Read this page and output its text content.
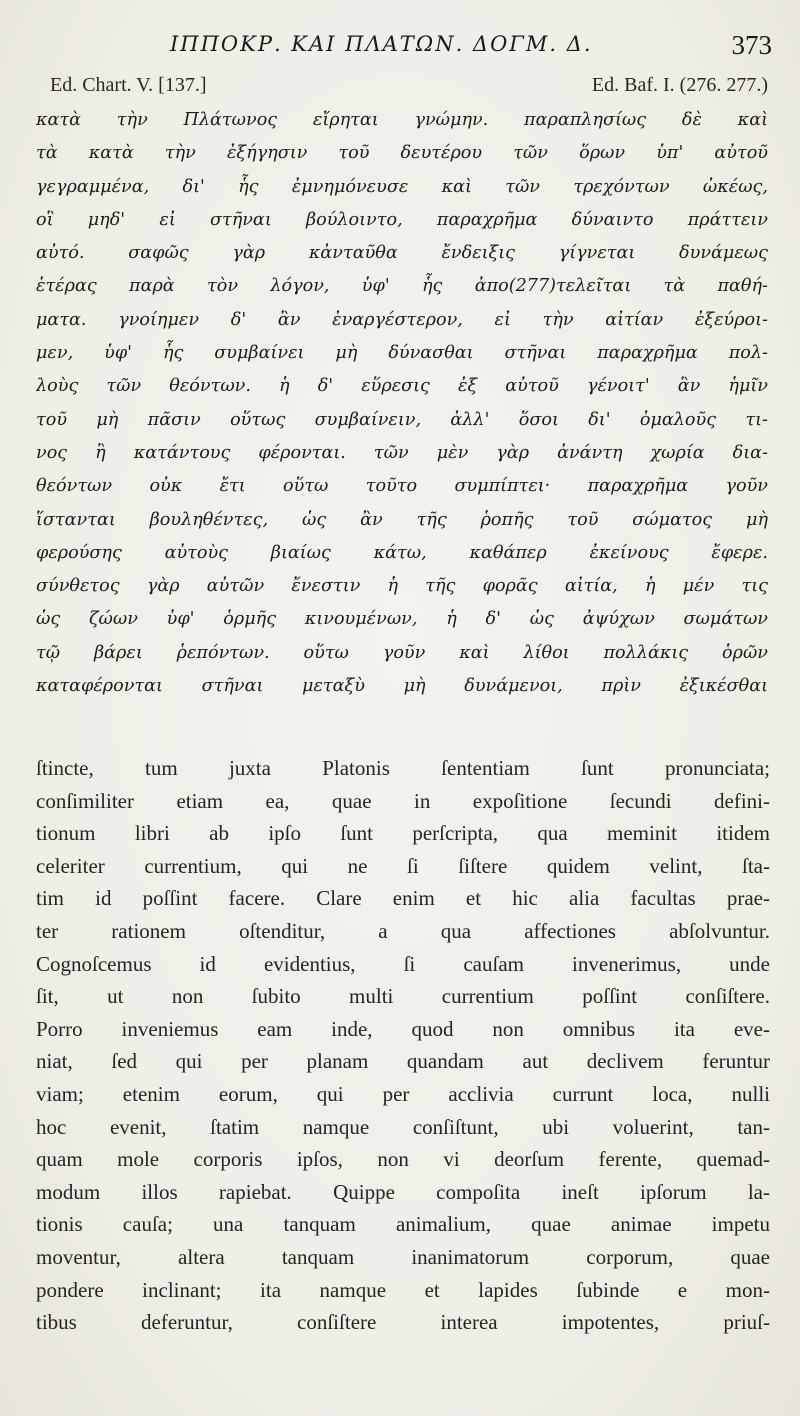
ΙΠΠΟΚΡ. ΚΑΙ ΠΛΑΤΩΝ. ΔΟΓΜ. Δ.	373
Ed. Chart. V. [137.]	Ed. Baf. I. (276. 277.)
κατὰ τὴν Πλάτωνος εἴρηται γνώμην. παραπλησίως δὲ καὶ
τὰ κατὰ τὴν ἐξήγησιν τοῦ δευτέρου τῶν ὅρων ὑπ' αὐτοῦ
γεγραμμένα, δι' ἧς ἐμνημόνευσε καὶ τῶν τρεχόντων ὠκέως,
οἳ μηδ' εἰ στῆναι βούλοιντο, παραχρῆμα δύναιντο πράττειν
αὐτό. σαφῶς γὰρ κἀνταῦθα ἔνδειξις γίγνεται δυνάμεως
ἑτέρας παρὰ τὸν λόγον, ὑφ' ἧς ἀπο(277)τελεῖται τὰ παθή-
ματα. γνοίημεν δ' ἂν ἐναργέστερον, εἰ τὴν αἰτίαν ἐξεύροι-
μεν, ὑφ' ἧς συμβαίνει μὴ δύνασθαι στῆναι παραχρῆμα πολ-
λοὺς τῶν θεόντων. ἡ δ' εὕρεσις ἐξ αὐτοῦ γένοιτ' ἂν ἡμῖν
τοῦ μὴ πᾶσιν οὕτως συμβαίνειν, ἀλλ' ὅσοι δι' ὁμαλοῦς τι-
νος ἢ κατάντους φέρονται. τῶν μὲν γὰρ ἀνάντη χωρία δια-
θεόντων οὐκ ἔτι οὕτω τοῦτο συμπίπτει· παραχρῆμα γοῦν
ἵστανται βουληθέντες, ὡς ἂν τῆς ῥοπῆς τοῦ σώματος μὴ
φερούσης αὐτοὺς βιαίως κάτω, καθάπερ ἐκείνους ἔφερε.
σύνθετος γὰρ αὐτῶν ἔνεστιν ἡ τῆς φορᾶς αἰτία, ἡ μέν τις
ὡς ζώων ὑφ' ὁρμῆς κινουμένων, ἡ δ' ὡς ἀψύχων σωμάτων
τῷ βάρει ῥεπόντων. οὕτω γοῦν καὶ λίθοι πολλάκις ὁρῶν
καταφέρονται στῆναι μεταξὺ μὴ δυνάμενοι, πρὶν ἐξικέσθαι
ſtincte, tum juxta Platonis ſententiam ſunt pronunciata;
conſimiliter etiam ea, quae in expoſitione ſecundi defini-
tionum libri ab ipſo ſunt perſcripta, qua meminit itidem
celeriter currentium, qui ne ſi ſiſtere quidem velint, ſta-
tim id poſſint facere. Clare enim et hic alia facultas prae-
ter rationem oſtenditur, a qua affectiones abſolvuntur.
Cognoſcemus id evidentius, ſi cauſam invenerimus, unde
ſit, ut non ſubito multi currentium poſſint conſiſtere.
Porro inveniemus eam inde, quod non omnibus ita eve-
niat, ſed qui per planam quandam aut declivem feruntur
viam; etenim eorum, qui per acclivia currunt loca, nulli
hoc evenit, ſtatim namque conſiſtunt, ubi voluerint, tan-
quam mole corporis ipſos, non vi deorſum ferente, quemad-
modum illos rapiebat. Quippe compoſita ineſt ipſorum la-
tionis cauſa; una tanquam animalium, quae animae impetu
moventur, altera tanquam inanimatorum corporum, quae
pondere inclinant; ita namque et lapides ſubinde e mon-
tibus deferuntur, conſiſtere interea impotentes, priuſ-
